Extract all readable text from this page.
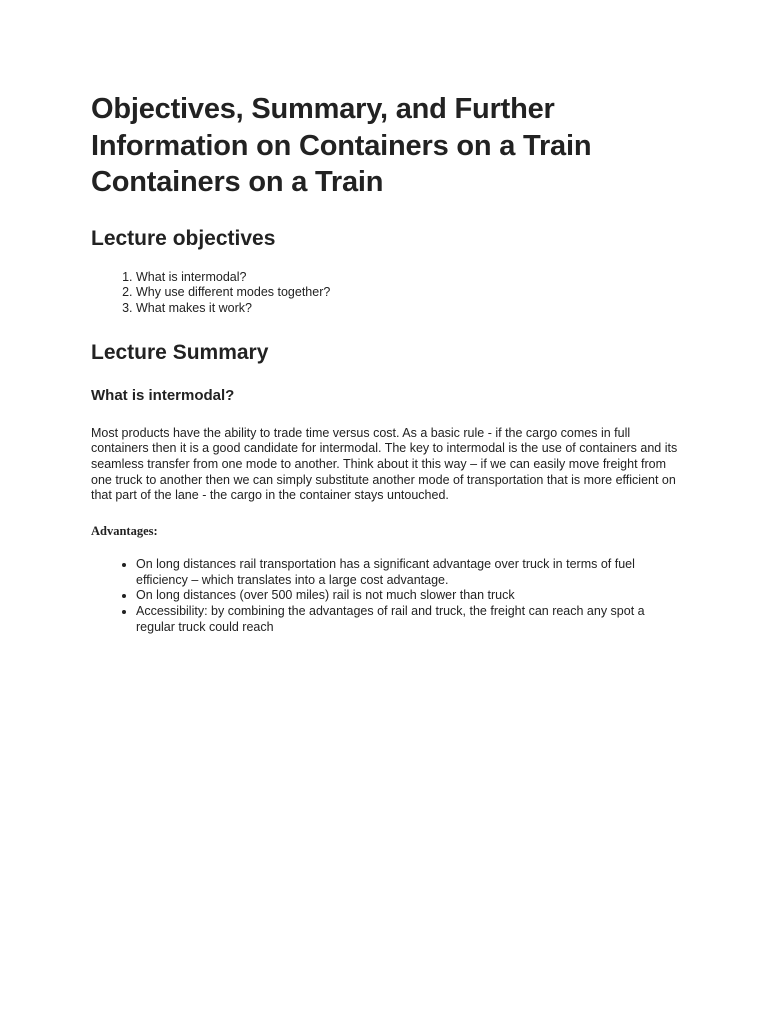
Objectives, Summary, and Further
Information on Containers on a Train
Containers on a Train
Lecture objectives
1. What is intermodal?
2. Why use different modes together?
3. What makes it work?
Lecture Summary
What is intermodal?

Most products have the ability to trade time versus cost. As a basic rule - if the cargo comes in full containers then it is a good candidate for intermodal. The key to intermodal is the use of containers and its seamless transfer from one mode to another. Think about it this way – if we can easily move freight from one truck to another then we can simply substitute another mode of transportation that is more efficient on that part of the lane - the cargo in the container stays untouched.

Advantages:

• On long distances rail transportation has a significant advantage over truck in terms of fuel efficiency – which translates into a large cost advantage.
• On long distances (over 500 miles) rail is not much slower than truck
• Accessibility: by combining the advantages of rail and truck, the freight can reach any spot a regular truck could reach
